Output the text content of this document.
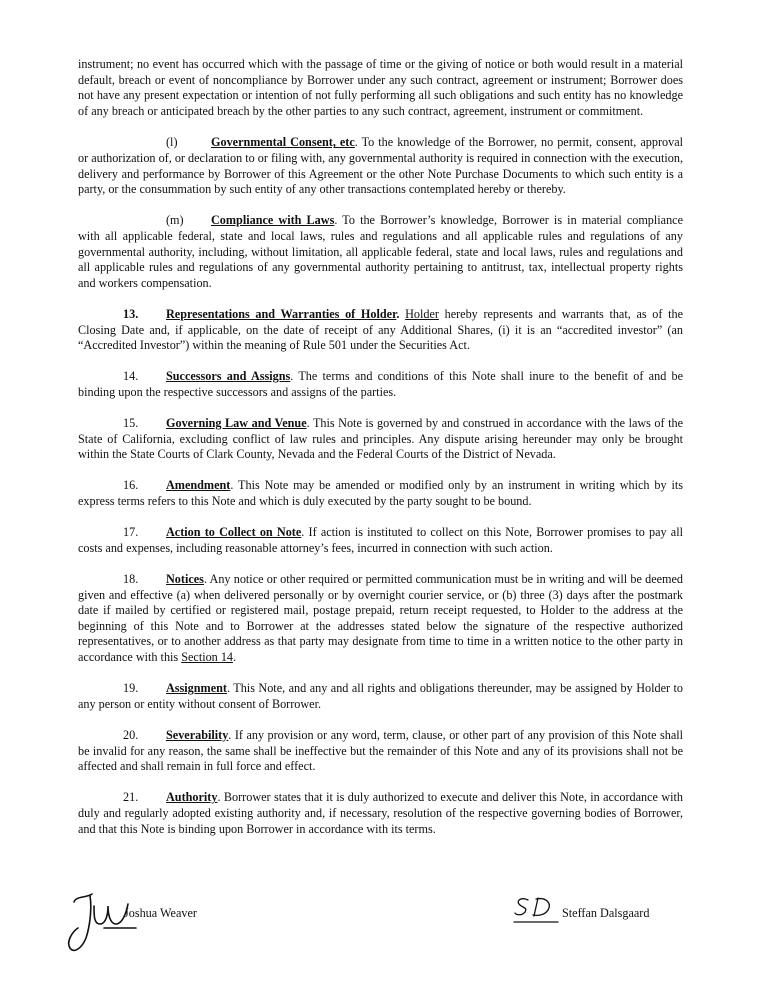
instrument; no event has occurred which with the passage of time or the giving of notice or both would result in a material default, breach or event of noncompliance by Borrower under any such contract, agreement or instrument; Borrower does not have any present expectation or intention of not fully performing all such obligations and such entity has no knowledge of any breach or anticipated breach by the other parties to any such contract, agreement, instrument or commitment.

(l)	Governmental Consent, etc. To the knowledge of the Borrower, no permit, consent, approval or authorization of, or declaration to or filing with, any governmental authority is required in connection with the execution, delivery and performance by Borrower of this Agreement or the other Note Purchase Documents to which such entity is a party, or the consummation by such entity of any other transactions contemplated hereby or thereby.

(m) Compliance with Laws. To the Borrower’s knowledge, Borrower is in material compliance with all applicable federal, state and local laws, rules and regulations and all applicable rules and regulations of any governmental authority, including, without limitation, all applicable federal, state and local laws, rules and regulations and all applicable rules and regulations of any governmental authority pertaining to antitrust, tax, intellectual property rights and workers compensation.

13. Representations and Warranties of Holder. Holder hereby represents and warrants that, as of the Closing Date and, if applicable, on the date of receipt of any Additional Shares, (i) it is an “accredited investor” (an “Accredited Investor”) within the meaning of Rule 501 under the Securities Act.

14. Successors and Assigns. The terms and conditions of this Note shall inure to the benefit of and be binding upon the respective successors and assigns of the parties.

15. Governing Law and Venue. This Note is governed by and construed in accordance with the laws of the State of California, excluding conflict of law rules and principles. Any dispute arising hereunder may only be brought within the State Courts of Clark County, Nevada and the Federal Courts of the District of Nevada.

16. Amendment. This Note may be amended or modified only by an instrument in writing which by its express terms refers to this Note and which is duly executed by the party sought to be bound.

17. Action to Collect on Note. If action is instituted to collect on this Note, Borrower promises to pay all costs and expenses, including reasonable attorney’s fees, incurred in connection with such action.

18. Notices. Any notice or other required or permitted communication must be in writing and will be deemed given and effective (a) when delivered personally or by overnight courier service, or (b) three (3) days after the postmark date if mailed by certified or registered mail, postage prepaid, return receipt requested, to Holder to the address at the beginning of this Note and to Borrower at the addresses stated below the signature of the respective authorized representatives, or to another address as that party may designate from time to time in a written notice to the other party in accordance with this Section 14.

19. Assignment. This Note, and any and all rights and obligations thereunder, may be assigned by Holder to any person or entity without consent of Borrower.

20. Severability. If any provision or any word, term, clause, or other part of any provision of this Note shall be invalid for any reason, the same shall be ineffective but the remainder of this Note and any of its provisions shall not be affected and shall remain in full force and effect.

21. Authority. Borrower states that it is duly authorized to execute and deliver this Note, in accordance with duly and regularly adopted existing authority and, if necessary, resolution of the respective governing bodies of Borrower, and that this Note is binding upon Borrower in accordance with its terms.

Joshua Weaver	Steffan Dalsgaard
